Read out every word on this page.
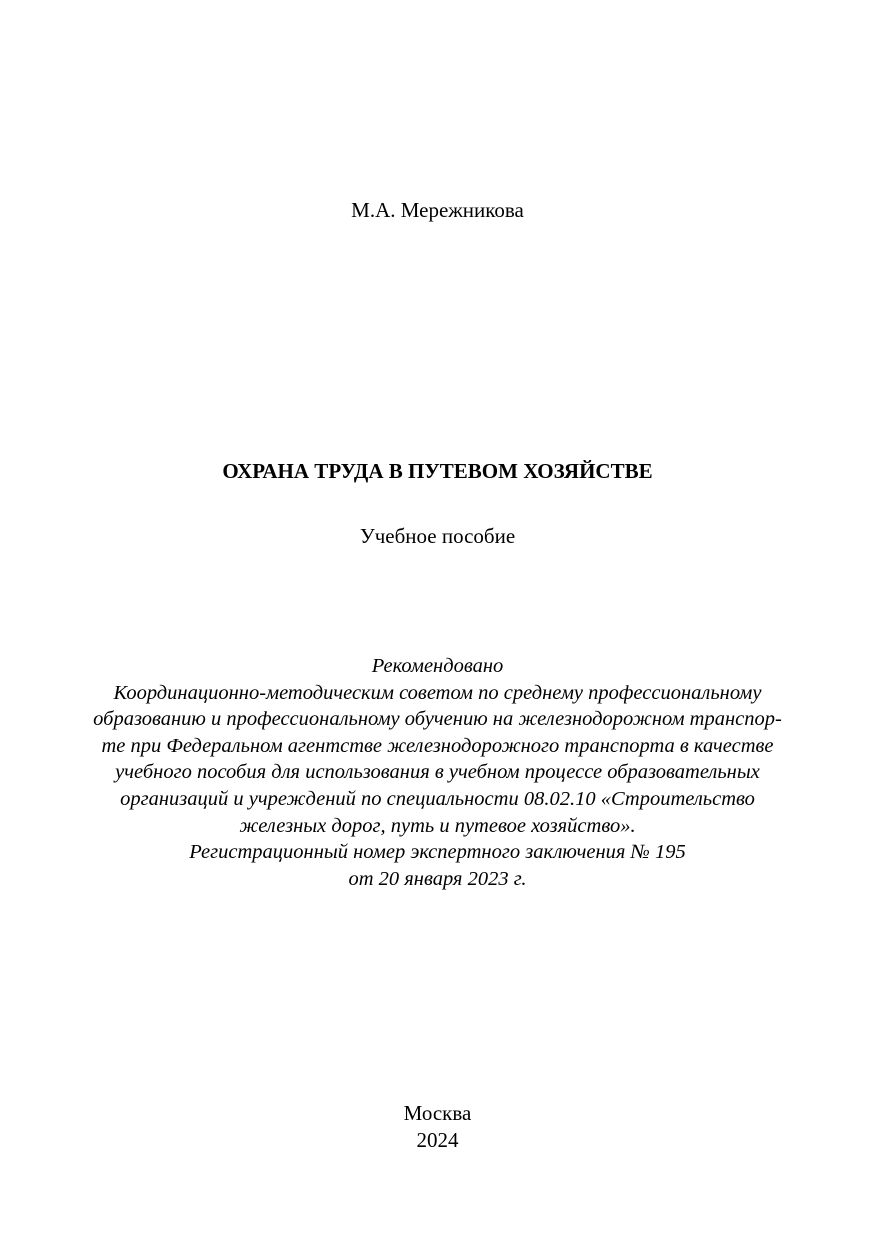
М.А. Мережникова
ОХРАНА ТРУДА В ПУТЕВОМ ХОЗЯЙСТВЕ
Учебное пособие
Рекомендовано
Координационно-методическим советом по среднему профессиональному
образованию и профессиональному обучению на железнодорожном транспор-
те при Федеральном агентстве железнодорожного транспорта в качестве
учебного пособия для использования в учебном процессе образовательных
организаций и учреждений по специальности 08.02.10 «Строительство
железных дорог, путь и путевое хозяйство».
Регистрационный номер экспертного заключения № 195
от 20 января 2023 г.
Москва
2024
